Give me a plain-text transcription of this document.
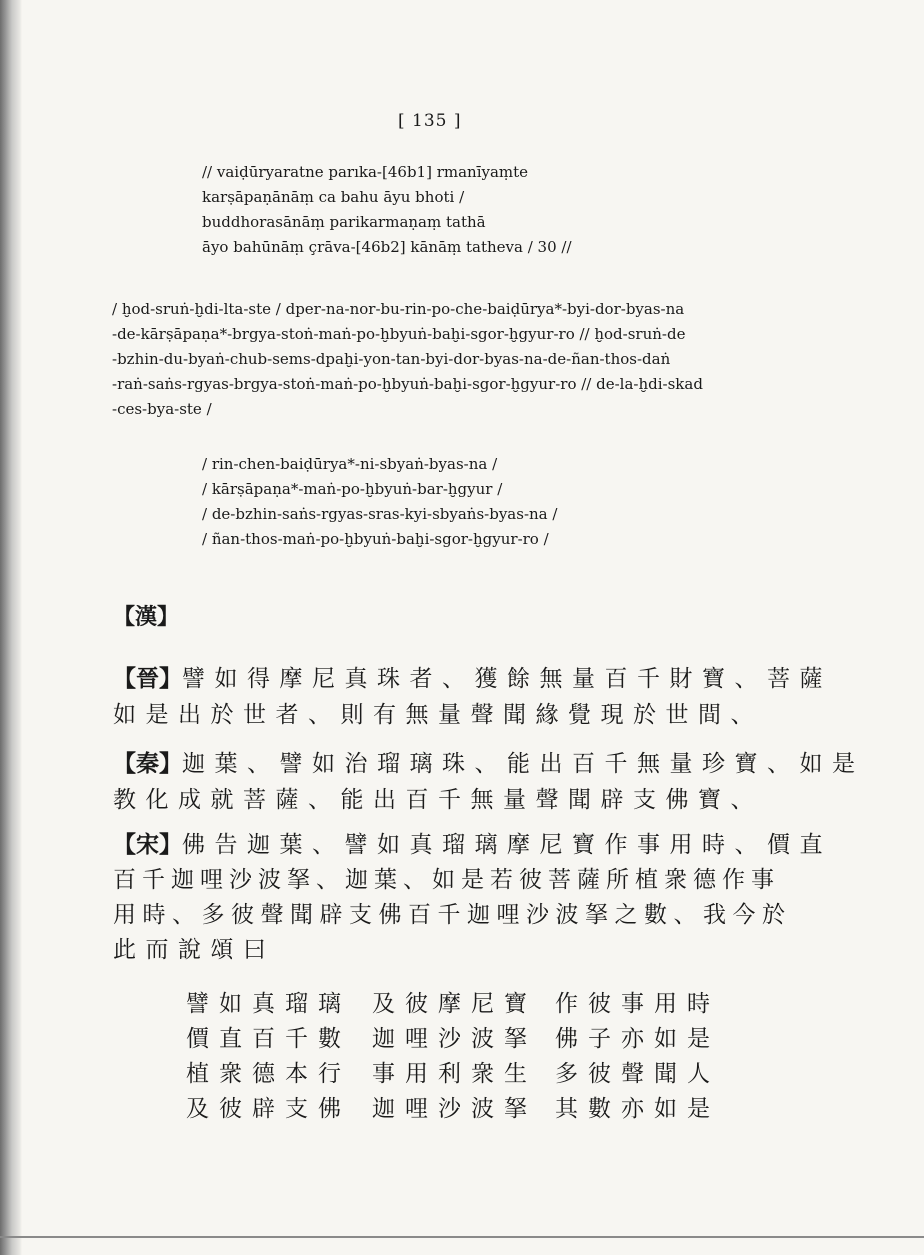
[ 135 ]
// vaiḍūryaratne parıka-[46b1] rmanīyaṃte
karṣāpaṇānāṃ ca bahu āyu bhoti /
buddhorasānāṃ parikarmaṇaṃ tathā
āyo bahūnāṃ çrāva-[46b2] kānāṃ tatheva / 30 //
/ ḫod-sruṅ-ḫdi-lta-ste / dper-na-nor-bu-rin-po-che-baiḍūrya*-byi-dor-byas-na
-de-kārṣāpaṇa*-brgya-stoṅ-maṅ-po-ḫbyuṅ-baḫi-sgor-ḫgyur-ro // ḫod-sruṅ-de
-bzhin-du-byaṅ-chub-sems-dpaḫi-yon-tan-byi-dor-byas-na-de-ñan-thos-daṅ
-raṅ-saṅs-rgyas-brgya-stoṅ-maṅ-po-ḫbyuṅ-baḫi-sgor-ḫgyur-ro // de-la-ḫdi-skad
-ces-bya-ste /
/ rin-chen-baiḍūrya*-ni-sbyaṅ-byas-na /
/ kārṣāpaṇa*-maṅ-po-ḫbyuṅ-bar-ḫgyur /
/ de-bzhin-saṅs-rgyas-sras-kyi-sbyaṅs-byas-na /
/ ñan-thos-maṅ-po-ḫbyuṅ-baḫi-sgor-ḫgyur-ro /
【漢】
【晉】譬如得摩尼真珠者、獲餘無量百千財寶、菩薩
如是出於世者、則有無量聲聞緣覺現於世間、
【秦】迦葉、譬如治瑠璃珠、能出百千無量珍寶、如是
教化成就菩薩、能出百千無量聲聞辟支佛寶、
【宋】佛告迦葉、譬如真瑠璃摩尼寶作事用時、價直
百千迦哩沙波拏、迦葉、如是若彼菩薩所植衆德作事
用時、多彼聲聞辟支佛百千迦哩沙波拏之數、我今於
此而說頌曰
譬如真瑠璃 及彼摩尼寶 作彼事用時
價直百千數 迦哩沙波拏 佛子亦如是
植衆德本行 事用利衆生 多彼聲聞人
及彼辟支佛 迦哩沙波拏 其數亦如是
